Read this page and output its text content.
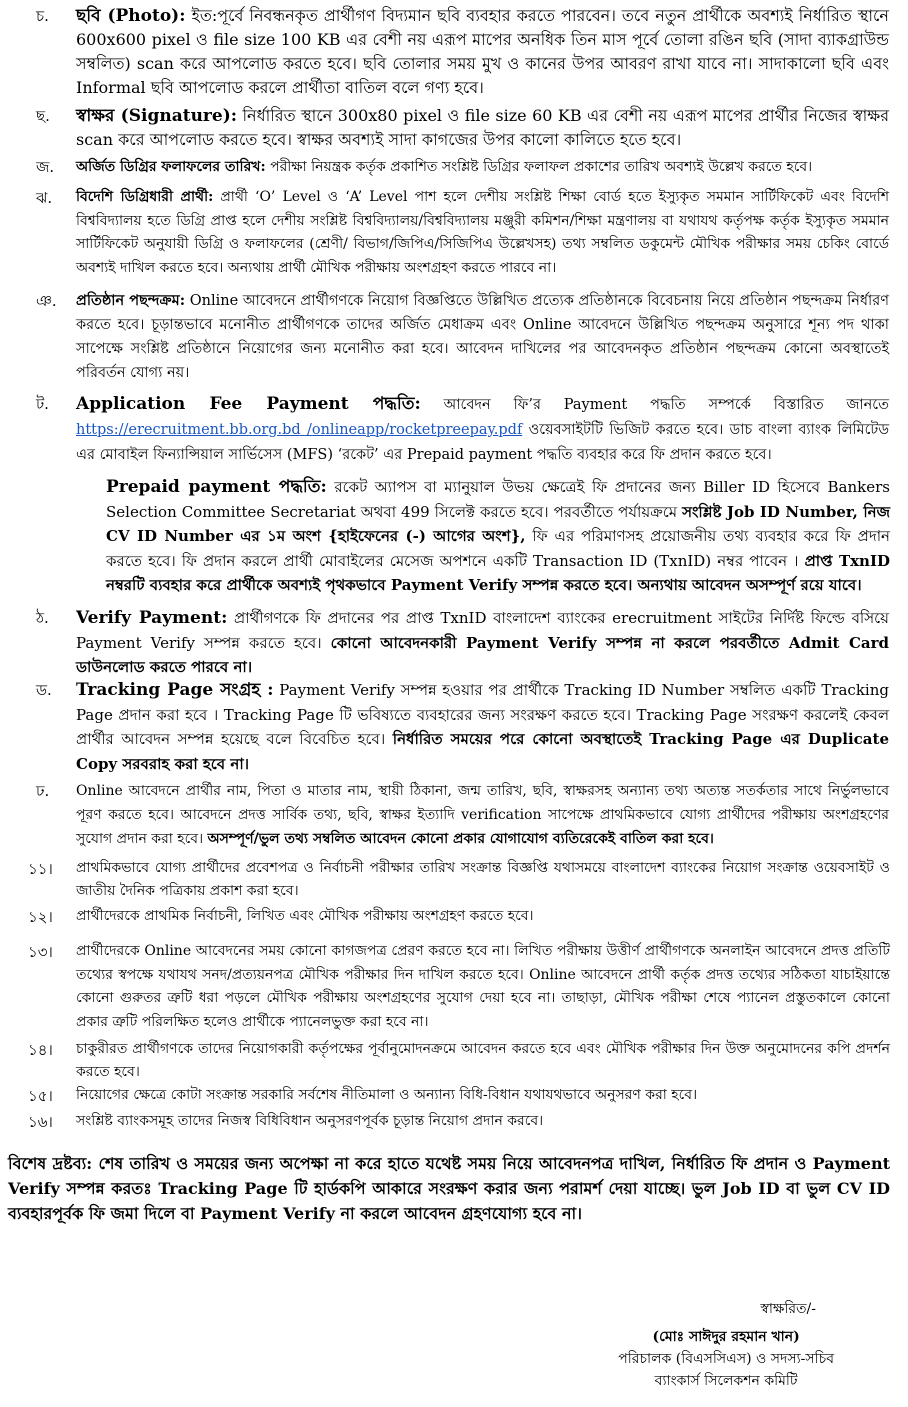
চ.	ছবি (Photo): ইত:পূর্বে নিবন্ধনকৃত প্রার্থীগণ বিদ্যমান ছবি ব্যবহার করতে পারবেন। তবে নতুন প্রার্থীকে অবশ্যই নির্ধারিত স্থানে 600x600 pixel ও file size 100 KB এর বেশী নয় এরূপ মাপের অনধিক তিন মাস পূর্বে তোলা রঙিন ছবি (সাদা ব্যাকগ্রাউন্ড সম্বলিত) scan করে আপলোড করতে হবে। ছবি তোলার সময় মুখ ও কানের উপর আবরণ রাখা যাবে না। সাদাকালো ছবি এবং Informal ছবি আপলোড করলে প্রার্থীতা বাতিল বলে গণ্য হবে।
ছ.	স্বাক্ষর (Signature): নির্ধারিত স্থানে 300x80 pixel ও file size 60 KB এর বেশী নয় এরূপ মাপের প্রার্থীর নিজের স্বাক্ষর scan করে আপলোড করতে হবে। স্বাক্ষর অবশ্যই সাদা কাগজের উপর কালো কালিতে হতে হবে।
জ.	অর্জিত ডিগ্রির ফলাফলের তারিখ: পরীক্ষা নিয়ন্ত্রক কর্তৃক প্রকাশিত সংশ্লিষ্ট ডিগ্রির ফলাফল প্রকাশের তারিখ অবশ্যই উল্লেখ করতে হবে।
ঝ.	বিদেশি ডিগ্রিধারী প্রার্থী: প্রার্থী ‘O’ Level ও ‘A’ Level পাশ হলে দেশীয় সংশ্লিষ্ট শিক্ষা বোর্ড হতে ইস্যুকৃত সমমান সার্টিফিকেট এবং বিদেশি বিশ্ববিদ্যালয় হতে ডিগ্রি প্রাপ্ত হলে দেশীয় সংশ্লিষ্ট বিশ্ববিদ্যালয়/বিশ্ববিদ্যালয় মঞ্জুরী কমিশন/শিক্ষা মন্ত্রণালয় বা যথাযথ কর্তৃপক্ষ কর্তৃক ইস্যুকৃত সমমান সার্টিফিকেট অনুযায়ী ডিগ্রি ও ফলাফলের (শ্রেণী/ বিভাগ/জিপিএ/সিজিপিএ উল্লেখসহ) তথ্য সম্বলিত ডকুমেন্ট মৌখিক পরীক্ষার সময় চেকিং বোর্ডে অবশ্যই দাখিল করতে হবে। অন্যথায় প্রার্থী মৌখিক পরীক্ষায় অংশগ্রহণ করতে পারবে না।
ঞ.	প্রতিষ্ঠান পছন্দক্রম: Online আবেদনে প্রার্থীগণকে নিয়োগ বিজ্ঞপ্তিতে উল্লিখিত প্রত্যেক প্রতিষ্ঠানকে বিবেচনায় নিয়ে প্রতিষ্ঠান পছন্দক্রম নির্ধারণ করতে হবে। চূড়ান্তভাবে মনোনীত প্রার্থীগণকে তাদের অর্জিত মেধাক্রম এবং Online আবেদনে উল্লিখিত পছন্দক্রম অনুসারে শূন্য পদ থাকা সাপেক্ষে সংশ্লিষ্ট প্রতিষ্ঠানে নিয়োগের জন্য মনোনীত করা হবে। আবেদন দাখিলের পর আবেদনকৃত প্রতিষ্ঠান পছন্দক্রম কোনো অবস্থাতেই পরিবর্তন যোগ্য নয়।
ট.	Application Fee Payment পদ্ধতি: আবেদন ফি’র Payment পদ্ধতি সম্পর্কে বিস্তারিত জানতে https://erecruitment.bb.org.bd /onlineapp/rocketpreepay.pdf ওয়েবসাইটটি ভিজিট করতে হবে। ডাচ বাংলা ব্যাংক লিমিটেড এর মোবাইল ফিন্যান্সিয়াল সার্ভিসেস (MFS) ‘রকেট’ এর Prepaid payment পদ্ধতি ব্যবহার করে ফি প্রদান করতে হবে।
Prepaid payment পদ্ধতি: রকেট অ্যাপস বা ম্যানুয়াল উভয় ক্ষেত্রেই ফি প্রদানের জন্য Biller ID হিসেবে Bankers Selection Committee Secretariat অথবা 499 সিলেক্ট করতে হবে। পরবর্তীতে পর্যায়ক্রমে সংশ্লিষ্ট Job ID Number, নিজ CV ID Number এর ১ম অংশ {হাইফেনের (-) আগের অংশ}, ফি এর পরিমাণসহ প্রয়োজনীয় তথ্য ব্যবহার করে ফি প্রদান করতে হবে। ফি প্রদান করলে প্রার্থী মোবাইলের মেসেজ অপশনে একটি Transaction ID (TxnID) নম্বর পাবেন । প্রাপ্ত TxnID নম্বরটি ব্যবহার করে প্রার্থীকে অবশ্যই পৃথকভাবে Payment Verify সম্পন্ন করতে হবে। অন্যথায় আবেদন অসম্পূর্ণ রয়ে যাবে।
ঠ.	Verify Payment: প্রার্থীগণকে ফি প্রদানের পর প্রাপ্ত TxnID বাংলাদেশ ব্যাংকের erecruitment সাইটের নির্দিষ্ট ফিল্ডে বসিয়ে Payment Verify সম্পন্ন করতে হবে। কোনো আবেদনকারী Payment Verify সম্পন্ন না করলে পরবর্তীতে Admit Card ডাউনলোড করতে পারবে না।
ড.	Tracking Page সংগ্রহ : Payment Verify সম্পন্ন হওয়ার পর প্রার্থীকে Tracking ID Number সম্বলিত একটি Tracking Page প্রদান করা হবে । Tracking Page টি ভবিষ্যতে ব্যবহারের জন্য সংরক্ষণ করতে হবে। Tracking Page সংরক্ষণ করলেই কেবল প্রার্থীর আবেদন সম্পন্ন হয়েছে বলে বিবেচিত হবে। নির্ধারিত সময়ের পরে কোনো অবস্থাতেই Tracking Page এর Duplicate Copy সরবরাহ করা হবে না।
ঢ.	Online আবেদনে প্রার্থীর নাম, পিতা ও মাতার নাম, স্থায়ী ঠিকানা, জন্ম তারিখ, ছবি, স্বাক্ষরসহ অন্যান্য তথ্য অত্যন্ত সতর্কতার সাথে নির্ভুলভাবে পূরণ করতে হবে। আবেদনে প্রদত্ত সার্বিক তথ্য, ছবি, স্বাক্ষর ইত্যাদি verification সাপেক্ষে প্রাথমিকভাবে যোগ্য প্রার্থীদের পরীক্ষায় অংশগ্রহণের সুযোগ প্রদান করা হবে। অসম্পূর্ণ/ভুল তথ্য সম্বলিত আবেদন কোনো প্রকার যোগাযোগ ব্যতিরেকেই বাতিল করা হবে।
১১।	প্রাথমিকভাবে যোগ্য প্রার্থীদের প্রবেশপত্র ও নির্বাচনী পরীক্ষার তারিখ সংক্রান্ত বিজ্ঞপ্তি যথাসময়ে বাংলাদেশ ব্যাংকের নিয়োগ সংক্রান্ত ওয়েবসাইট ও জাতীয় দৈনিক পত্রিকায় প্রকাশ করা হবে।
১২।	প্রার্থীদেরকে প্রাথমিক নির্বাচনী, লিখিত এবং মৌখিক পরীক্ষায় অংশগ্রহণ করতে হবে।
১৩।	প্রার্থীদেরকে Online আবেদনের সময় কোনো কাগজপত্র প্রেরণ করতে হবে না। লিখিত পরীক্ষায় উত্তীর্ণ প্রার্থীগণকে অনলাইন আবেদনে প্রদত্ত প্রতিটি তথ্যের স্বপক্ষে যথাযথ সনদ/প্রত্যয়নপত্র মৌখিক পরীক্ষার দিন দাখিল করতে হবে। Online আবেদনে প্রার্থী কর্তৃক প্রদত্ত তথ্যের সঠিকতা যাচাইয়ান্তে কোনো গুরুতর ত্রুটি ধরা পড়লে মৌখিক পরীক্ষায় অংশগ্রহণের সুযোগ দেয়া হবে না। তাছাড়া, মৌখিক পরীক্ষা শেষে প্যানেল প্রস্তুতকালে কোনো প্রকার ত্রুটি পরিলক্ষিত হলেও প্রার্থীকে প্যানেলভুক্ত করা হবে না।
১৪।	চাকুরীরত প্রার্থীগণকে তাদের নিয়োগকারী কর্তৃপক্ষের পূর্বানুমোদনক্রমে আবেদন করতে হবে এবং মৌখিক পরীক্ষার দিন উক্ত অনুমোদনের কপি প্রদর্শন করতে হবে।
১৫।	নিয়োগের ক্ষেত্রে কোটা সংক্রান্ত সরকারি সর্বশেষ নীতিমালা ও অন্যান্য বিধি-বিধান যথাযথভাবে অনুসরণ করা হবে।
১৬।	সংশ্লিষ্ট ব্যাংকসমূহ তাদের নিজস্ব বিধিবিধান অনুসরণপূর্বক চূড়ান্ত নিয়োগ প্রদান করবে।
বিশেষ দ্রষ্টব্য: শেষ তারিখ ও সময়ের জন্য অপেক্ষা না করে হাতে যথেষ্ট সময় নিয়ে আবেদনপত্র দাখিল, নির্ধারিত ফি প্রদান ও Payment Verify সম্পন্ন করতঃ Tracking Page টি হার্ডকপি আকারে সংরক্ষণ করার জন্য পরামর্শ দেয়া যাচ্ছে। ভুল Job ID বা ভুল CV ID ব্যবহারপূর্বক ফি জমা দিলে বা Payment Verify না করলে আবেদন গ্রহণযোগ্য হবে না।
স্বাক্ষরিত/-
(মোঃ সাঈদুর রহমান খান)
পরিচালক (বিএসসিএস) ও সদস্য-সচিব
ব্যাংকার্স সিলেকশন কমিটি
